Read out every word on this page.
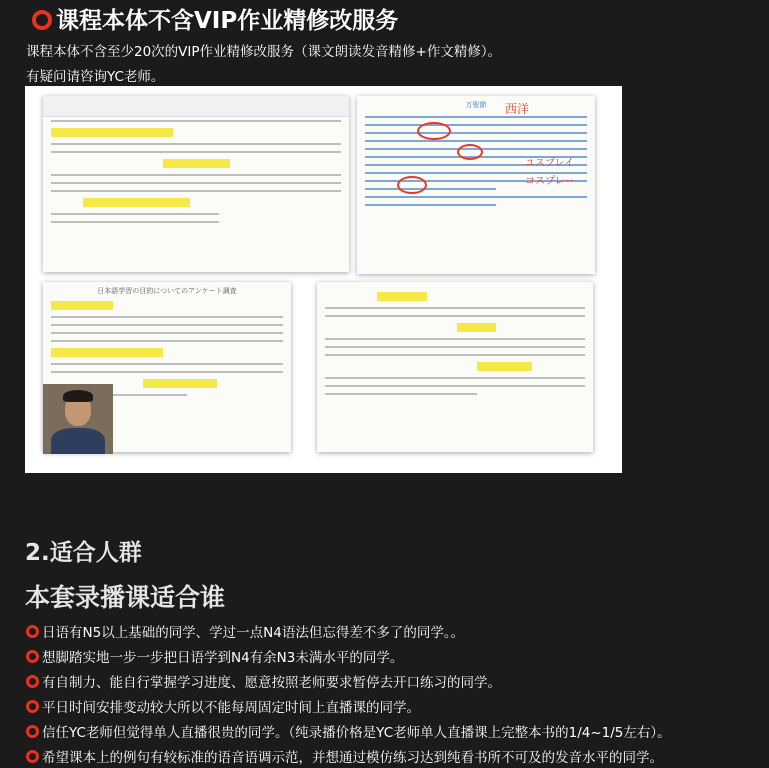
课程本体不含VIP作业精修改服务
课程本体不含至少20次的VIP作业精修改服务（课文朗读发音精修+作文精修）。
有疑问请咨询YC老师。
万聖節	西洋
ユスプレイ
コスプレー
日本語学習の目的についてのアンケート調査
2.适合人群
本套录播课适合谁
日语有N5以上基础的同学、学过一点N4语法但忘得差不多了的同学。。
想脚踏实地一步一步把日语学到N4有余N3未满水平的同学。
有自制力、能自行掌握学习进度、愿意按照老师要求暂停去开口练习的同学。
平日时间安排变动较大所以不能每周固定时间上直播课的同学。
信任YC老师但觉得单人直播很贵的同学。（纯录播价格是YC老师单人直播课上完整本书的1/4~1/5左右）。
希望课本上的例句有较标准的语音语调示范，并想通过模仿练习达到纯看书所不可及的发音水平的同学。
